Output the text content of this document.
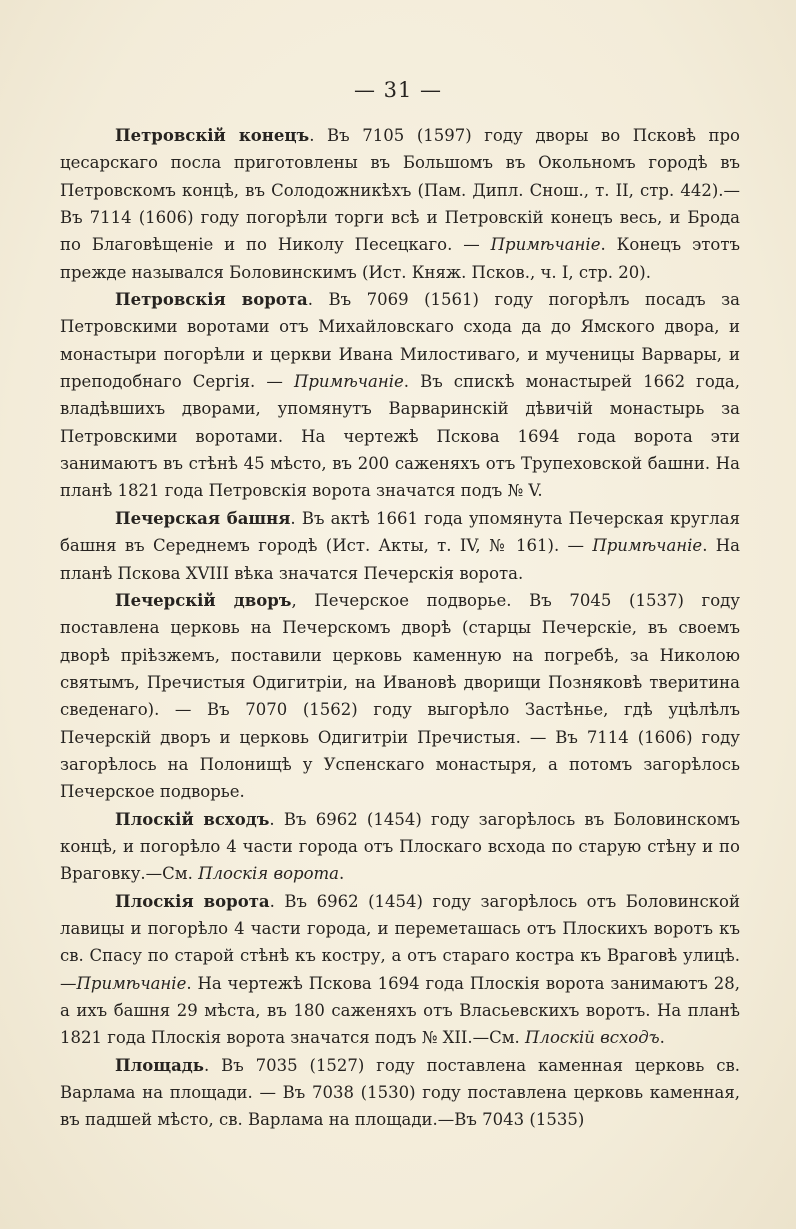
— 31 —

Петровскій конецъ. Въ 7105 (1597) году дворы во Псковѣ про цесарскаго посла приготовлены въ Большомъ въ Окольномъ городѣ въ Петровскомъ концѣ, въ Солодожникѣхъ (Пам. Дипл. Снош., т. II, стр. 442).—Въ 7114 (1606) году погорѣли торги всѣ и Петровскій конецъ весь, и Брода по Благовѣщеніе и по Николу Песецкаго. — Примѣчаніе. Конецъ этотъ прежде назывался Боловинскимъ (Ист. Княж. Псков., ч. I, стр. 20).

Петровскія ворота. Въ 7069 (1561) году погорѣлъ посадъ за Петровскими воротами отъ Михайловскаго схода да до Ямского двора, и монастыри погорѣли и церкви Ивана Милостиваго, и мученицы Варвары, и преподобнаго Сергія. — Примѣчаніе. Въ спискѣ монастырей 1662 года, владѣвшихъ дворами, упомянутъ Варваринскій дѣвичій монастырь за Петровскими воротами. На чертежѣ Пскова 1694 года ворота эти занимаютъ въ стѣнѣ 45 мѣсто, въ 200 саженяхъ отъ Трупеховской башни. На планѣ 1821 года Петровскія ворота значатся подъ № V.

Печерская башня. Въ актѣ 1661 года упомянута Печерская круглая башня въ Середнемъ городѣ (Ист. Акты, т. IV, № 161). — Примѣчаніе. На планѣ Пскова XVIII вѣка значатся Печерскія ворота.

Печерскій дворъ, Печерское подворье. Въ 7045 (1537) году поставлена церковь на Печерскомъ дворѣ (старцы Печерскіе, въ своемъ дворѣ пріѣзжемъ, поставили церковь каменную на погребѣ, за Николою святымъ, Пречистыя Одигитріи, на Ивановѣ дворищи Позняковѣ тверитина сведенаго). — Въ 7070 (1562) году выгорѣло Застѣнье, гдѣ уцѣлѣлъ Печерскій дворъ и церковь Одигитріи Пречистыя. — Въ 7114 (1606) году загорѣлось на Полонищѣ у Успенскаго монастыря, а потомъ загорѣлось Печерское подворье.

Плоскій всходъ. Въ 6962 (1454) году загорѣлось въ Боловинскомъ концѣ, и погорѣло 4 части города отъ Плоскаго всхода по старую стѣну и по Враговку.—См. Плоскія ворота.

Плоскія ворота. Въ 6962 (1454) году загорѣлось отъ Боловинской лавицы и погорѣло 4 части города, и переметашась отъ Плоскихъ воротъ къ св. Спасу по старой стѣнѣ къ костру, а отъ стараго костра къ Враговѣ улицѣ.—Примѣчаніе. На чертежѣ Пскова 1694 года Плоскія ворота занимаютъ 28, а ихъ башня 29 мѣста, въ 180 саженяхъ отъ Власьевскихъ воротъ. На планѣ 1821 года Плоскія ворота значатся подъ № XII.—См. Плоскій всходъ.

Площадь. Въ 7035 (1527) году поставлена каменная церковь св. Варлама на площади. — Въ 7038 (1530) году поставлена церковь каменная, въ падшей мѣсто, св. Варлама на площади.—Въ 7043 (1535)
